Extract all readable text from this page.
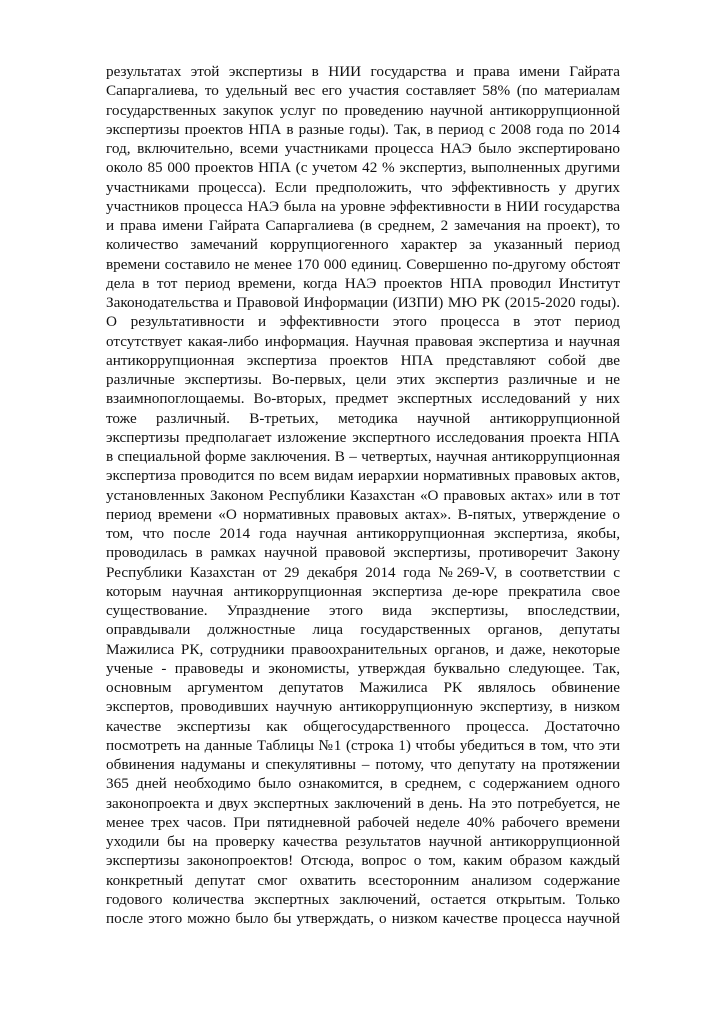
результатах этой экспертизы в НИИ государства и права имени Гайрата
Сапаргалиева, то удельный вес его участия составляет 58% (по материалам
государственных закупок услуг по проведению научной антикоррупционной
экспертизы проектов НПА в разные годы). Так, в период с 2008 года по 2014
год, включительно, всеми участниками процесса НАЭ было экспертировано
около 85 000 проектов НПА (с учетом 42 % экспертиз, выполненных другими
участниками процесса). Если предположить, что эффективность у других
участников процесса НАЭ была на уровне эффективности в НИИ государства
и права имени Гайрата Сапаргалиева (в среднем, 2 замечания на проект), то
количество замечаний коррупциогенного характер за указанный период
времени составило не менее 170 000 единиц. Совершенно по-другому обстоят
дела в тот период времени, когда НАЭ проектов НПА проводил Институт
Законодательства и Правовой Информации (ИЗПИ) МЮ РК (2015-2020 годы).
О результативности и эффективности этого процесса в этот период
отсутствует какая-либо информация. Научная правовая экспертиза и научная
антикоррупционная экспертиза проектов НПА представляют собой две
различные экспертизы. Во-первых, цели этих экспертиз различные и не
взаимнопоглощаемы. Во-вторых, предмет экспертных исследований у них
тоже различный. В-третьих, методика научной антикоррупционной
экспертизы предполагает изложение экспертного исследования проекта НПА
в специальной форме заключения. В – четвертых, научная антикоррупционная
экспертиза проводится по всем видам иерархии нормативных правовых актов,
установленных Законом Республики Казахстан «О правовых актах» или в тот
период времени «О нормативных правовых актах». В-пятых, утверждение о
том, что после 2014 года научная антикоррупционная экспертиза, якобы,
проводилась в рамках научной правовой экспертизы, противоречит Закону
Республики Казахстан от 29 декабря 2014 года №269-V, в соответствии с
которым научная антикоррупционная экспертиза де-юре прекратила свое
существование. Упразднение этого вида экспертизы, впоследствии,
оправдывали должностные лица государственных органов, депутаты
Мажилиса РК, сотрудники правоохранительных органов, и даже, некоторые
ученые - правоведы и экономисты, утверждая буквально следующее. Так,
основным аргументом депутатов Мажилиса РК являлось обвинение
экспертов, проводивших научную антикоррупционную экспертизу, в низком
качестве экспертизы как общегосударственного процесса. Достаточно
посмотреть на данные Таблицы №1 (строка 1) чтобы убедиться в том, что эти
обвинения надуманы и спекулятивны – потому, что депутату на протяжении
365 дней необходимо было ознакомится, в среднем, с содержанием одного
законопроекта и двух экспертных заключений в день. На это потребуется, не
менее трех часов. При пятидневной рабочей неделе 40% рабочего времени
уходили бы на проверку качества результатов научной антикоррупционной
экспертизы законопроектов! Отсюда, вопрос о том, каким образом каждый
конкретный депутат смог охватить всесторонним анализом содержание
годового количества экспертных заключений, остается открытым. Только
после этого можно было бы утверждать, о низком качестве процесса научной
